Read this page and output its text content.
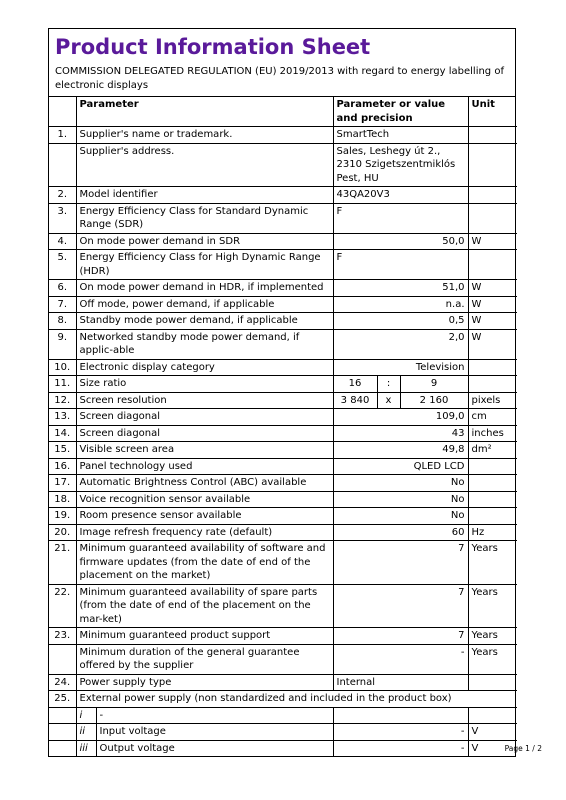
Product Information Sheet
COMMISSION DELEGATED REGULATION (EU) 2019/2013 with regard to energy labelling of electronic displays
	Parameter		Parameter or value and precision			Unit
1.	Supplier's name or trademark.		SmartTech			
	Supplier's address.		Sales, Leshegy út 2., 2310 Szigetszentmiklós Pest, HU			
2.	Model identifier		43QA20V3			
3.	Energy Efficiency Class for Standard Dynamic Range (SDR)		F			
4.	On mode power demand in SDR		50,0			W
5.	Energy Efficiency Class for High Dynamic Range (HDR)		F			
6.	On mode power demand in HDR, if implemented		51,0			W
7.	Off mode, power demand, if applicable		n.a.			W
8.	Standby mode power demand, if applicable		0,5			W
9.	Networked standby mode power demand, if applic-able		2,0			W
10.	Electronic display category		Television			
11.	Size ratio		16	:	9	
12.	Screen resolution		3 840	x	2 160	pixels
13.	Screen diagonal		109,0			cm
14.	Screen diagonal		43			inches
15.	Visible screen area		49,8			dm²
16.	Panel technology used		QLED LCD			
17.	Automatic Brightness Control (ABC) available		No			
18.	Voice recognition sensor available		No			
19.	Room presence sensor available		No			
20.	Image refresh frequency rate (default)		60			Hz
21.	Minimum guaranteed availability of software and firmware updates (from the date of end of the placement on the market)		7			Years
22.	Minimum guaranteed availability of spare parts (from the date of end of the placement on the mar-ket)		7			Years
23.	Minimum guaranteed product support		7			Years
	Minimum duration of the general guarantee offered by the supplier		-			Years
24.	Power supply type		Internal			
25.	External power supply (non standardized and included in the product box)					
	i	-				
	ii	Input voltage	-			V
	iii	Output voltage	-			V	Page 1 / 2
